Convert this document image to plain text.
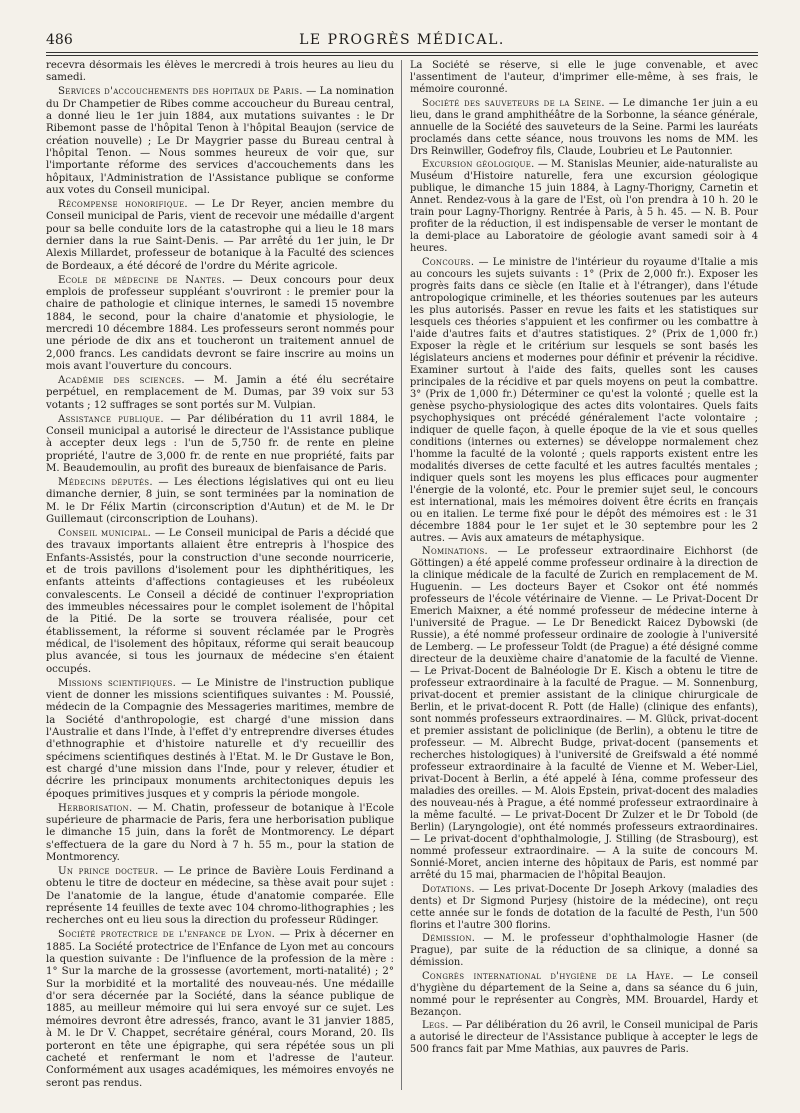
486	LE PROGRÈS MÉDICAL.

recevra désormais les élèves le mercredi à trois heures au lieu du samedi.

Services d'accouchements des hopitaux de Paris. — La nomination du Dr Champetier de Ribes comme accoucheur du Bureau central, a donné lieu le 1er juin 1884, aux mutations suivantes : le Dr Ribemont passe de l'hôpital Tenon à l'hôpital Beaujon (service de création nouvelle) ; Le Dr Maygrier passe du Bureau central à l'hôpital Tenon. — Nous sommes heureux de voir que, sur l'importante réforme des services d'accouchements dans les hôpitaux, l'Administration de l'Assistance publique se conforme aux votes du Conseil municipal.

Récompense honorifique. — Le Dr Reyer, ancien membre du Conseil municipal de Paris, vient de recevoir une médaille d'argent pour sa belle conduite lors de la catastrophe qui a lieu le 18 mars dernier dans la rue Saint-Denis. — Par arrêté du 1er juin, le Dr Alexis Millardet, professeur de botanique à la Faculté des sciences de Bordeaux, a été décoré de l'ordre du Mérite agricole.

Ecole de médecine de Nantes. — Deux concours pour deux emplois de professeur suppléant s'ouvriront : le premier pour la chaire de pathologie et clinique internes, le samedi 15 novembre 1884, le second, pour la chaire d'anatomie et physiologie, le mercredi 10 décembre 1884. Les professeurs seront nommés pour une période de dix ans et toucheront un traitement annuel de 2,000 francs. Les candidats devront se faire inscrire au moins un mois avant l'ouverture du concours.

Académie des sciences. — M. Jamin a été élu secrétaire perpétuel, en remplacement de M. Dumas, par 39 voix sur 53 votants ; 12 suffrages se sont portés sur M. Vulpian.

Assistance publique. — Par délibération du 11 avril 1884, le Conseil municipal a autorisé le directeur de l'Assistance publique à accepter deux legs : l'un de 5,750 fr. de rente en pleine propriété, l'autre de 3,000 fr. de rente en nue propriété, faits par M. Beaudemoulin, au profit des bureaux de bienfaisance de Paris.

Médecins députés. — Les élections législatives qui ont eu lieu dimanche dernier, 8 juin, se sont terminées par la nomination de M. le Dr Félix Martin (circonscription d'Autun) et de M. le Dr Guillemaut (circonscription de Louhans).

Conseil municipal. — Le Conseil municipal de Paris a décidé que des travaux importants allaient être entrepris à l'hospice des Enfants-Assistés, pour la construction d'une seconde nourricerie, et de trois pavillons d'isolement pour les diphthéritiques, les enfants atteints d'affections contagieuses et les rubéoleux convalescents. Le Conseil a décidé de continuer l'expropriation des immeubles nécessaires pour le complet isolement de l'hôpital de la Pitié. De la sorte se trouvera réalisée, pour cet établissement, la réforme si souvent réclamée par le Progrès médical, de l'isolement des hôpitaux, réforme qui serait beaucoup plus avancée, si tous les journaux de médecine s'en étaient occupés.

Missions scientifiques. — Le Ministre de l'instruction publique vient de donner les missions scientifiques suivantes : M. Poussié, médecin de la Compagnie des Messageries maritimes, membre de la Société d'anthropologie, est chargé d'une mission dans l'Australie et dans l'Inde, à l'effet d'y entreprendre diverses études d'ethnographie et d'histoire naturelle et d'y recueillir des spécimens scientifiques destinés à l'Etat. M. le Dr Gustave le Bon, est chargé d'une mission dans l'Inde, pour y relever, étudier et décrire les principaux monuments architectoniques depuis les époques primitives jusques et y compris la période mongole.

Herborisation. — M. Chatin, professeur de botanique à l'Ecole supérieure de pharmacie de Paris, fera une herborisation publique le dimanche 15 juin, dans la forêt de Montmorency. Le départ s'effectuera de la gare du Nord à 7 h. 55 m., pour la station de Montmorency.

Un prince docteur. — Le prince de Bavière Louis Ferdinand a obtenu le titre de docteur en médecine, sa thèse avait pour sujet : De l'anatomie de la langue, étude d'anatomie comparée. Elle représente 14 feuilles de texte avec 104 chromo-lithographies ; les recherches ont eu lieu sous la direction du professeur Rüdinger.

Société protectrice de l'enfance de Lyon. — Prix à décerner en 1885. La Société protectrice de l'Enfance de Lyon met au concours la question suivante : De l'influence de la profession de la mère : 1° Sur la marche de la grossesse (avortement, morti-natalité) ; 2° Sur la morbidité et la mortalité des nouveau-nés. Une médaille d'or sera décernée par la Société, dans la séance publique de 1885, au meilleur mémoire qui lui sera envoyé sur ce sujet. Les mémoires devront être adressés, franco, avant le 31 janvier 1885, à M. le Dr V. Chappet, secrétaire général, cours Morand, 20. Ils porteront en tête une épigraphe, qui sera répétée sous un pli cacheté et renfermant le nom et l'adresse de l'auteur. Conformément aux usages académiques, les mémoires envoyés ne seront pas rendus.

La Société se réserve, si elle le juge convenable, et avec l'assentiment de l'auteur, d'imprimer elle-même, à ses frais, le mémoire couronné.

Société des sauveteurs de la Seine. — Le dimanche 1er juin a eu lieu, dans le grand amphithéâtre de la Sorbonne, la séance générale, annuelle de la Société des sauveteurs de la Seine. Parmi les lauréats proclamés dans cette séance, nous trouvons les noms de MM. les Drs Reinwiller, Godefroy fils, Claude, Loubrieu et Le Pautonnier.

Excursion géologique. — M. Stanislas Meunier, aide-naturaliste au Muséum d'Histoire naturelle, fera une excursion géologique publique, le dimanche 15 juin 1884, à Lagny-Thorigny, Carnetin et Annet. Rendez-vous à la gare de l'Est, où l'on prendra à 10 h. 20 le train pour Lagny-Thorigny. Rentrée à Paris, à 5 h. 45. — N. B. Pour profiter de la réduction, il est indispensable de verser le montant de la demi-place au Laboratoire de géologie avant samedi soir à 4 heures.

Concours. — Le ministre de l'intérieur du royaume d'Italie a mis au concours les sujets suivants : 1° (Prix de 2,000 fr.). Exposer les progrès faits dans ce siècle (en Italie et à l'étranger), dans l'étude antropologique criminelle, et les théories soutenues par les auteurs les plus autorisés. Passer en revue les faits et les statistiques sur lesquels ces théories s'appuient et les confirmer ou les combattre à l'aide d'autres faits et d'autres statistiques. 2° (Prix de 1,000 fr.) Exposer la règle et le critérium sur lesquels se sont basés les législateurs anciens et modernes pour définir et prévenir la récidive. Examiner surtout à l'aide des faits, quelles sont les causes principales de la récidive et par quels moyens on peut la combattre. 3° (Prix de 1,000 fr.) Déterminer ce qu'est la volonté ; quelle est la genèse psycho-physiologique des actes dits volontaires. Quels faits psychophysiques ont précédé généralement l'acte volontaire ; indiquer de quelle façon, à quelle époque de la vie et sous quelles conditions (internes ou externes) se développe normalement chez l'homme la faculté de la volonté ; quels rapports existent entre les modalités diverses de cette faculté et les autres facultés mentales ; indiquer quels sont les moyens les plus efficaces pour augmenter l'énergie de la volonté, etc. Pour le premier sujet seul, le concours est international, mais les mémoires doivent être écrits en français ou en italien. Le terme fixé pour le dépôt des mémoires est : le 31 décembre 1884 pour le 1er sujet et le 30 septembre pour les 2 autres. — Avis aux amateurs de métaphysique.

Nominations. — Le professeur extraordinaire Eichhorst (de Göttingen) a été appelé comme professeur ordinaire à la direction de la clinique médicale de la faculté de Zurich en remplacement de M. Huguenin. — Les docteurs Bayer et Csokor ont été nommés professeurs de l'école vétérinaire de Vienne. — Le Privat-Docent Dr Emerich Maixner, a été nommé professeur de médecine interne à l'université de Prague. — Le Dr Benedickt Raicez Dybowski (de Russie), a été nommé professeur ordinaire de zoologie à l'université de Lemberg. — Le professeur Toldt (de Prague) a été désigné comme directeur de la deuxième chaire d'anatomie de la faculté de Vienne. — Le Privat-Docent de Balnéologie Dr E. Kisch a obtenu le titre de professeur extraordinaire à la faculté de Prague. — M. Sonnenburg, privat-docent et premier assistant de la clinique chirurgicale de Berlin, et le privat-docent R. Pott (de Halle) (clinique des enfants), sont nommés professeurs extraordinaires. — M. Glück, privat-docent et premier assistant de policlinique (de Berlin), a obtenu le titre de professeur. — M. Albrecht Budge, privat-docent (pansements et recherches histologiques) à l'université de Greifswald a été nommé professeur extraordinaire à la faculté de Vienne et M. Weber-Liel, privat-Docent à Berlin, a été appelé à Iéna, comme professeur des maladies des oreilles. — M. Alois Epstein, privat-docent des maladies des nouveau-nés à Prague, a été nommé professeur extraordinaire à la même faculté. — Le privat-Docent Dr Zulzer et le Dr Tobold (de Berlin) (Laryngologie), ont été nommés professeurs extraordinaires. — Le privat-docent d'ophthalmologie, J. Stilling (de Strasbourg), est nommé professeur extraordinaire. — A la suite de concours M. Sonnié-Moret, ancien interne des hôpitaux de Paris, est nommé par arrêté du 15 mai, pharmacien de l'hôpital Beaujon.

Dotations. — Les privat-Docente Dr Joseph Arkovy (maladies des dents) et Dr Sigmond Purjesy (histoire de la médecine), ont reçu cette année sur le fonds de dotation de la faculté de Pesth, l'un 500 florins et l'autre 300 florins.

Démission. — M. le professeur d'ophthalmologie Hasner (de Prague), par suite de la réduction de sa clinique, a donné sa démission.

Congrès international d'hygiène de la Haye. — Le conseil d'hygiène du département de la Seine a, dans sa séance du 6 juin, nommé pour le représenter au Congrès, MM. Brouardel, Hardy et Bezançon.

Legs. — Par délibération du 26 avril, le Conseil municipal de Paris a autorisé le directeur de l'Assistance publique à accepter le legs de 500 francs fait par Mme Mathias, aux pauvres de Paris.
